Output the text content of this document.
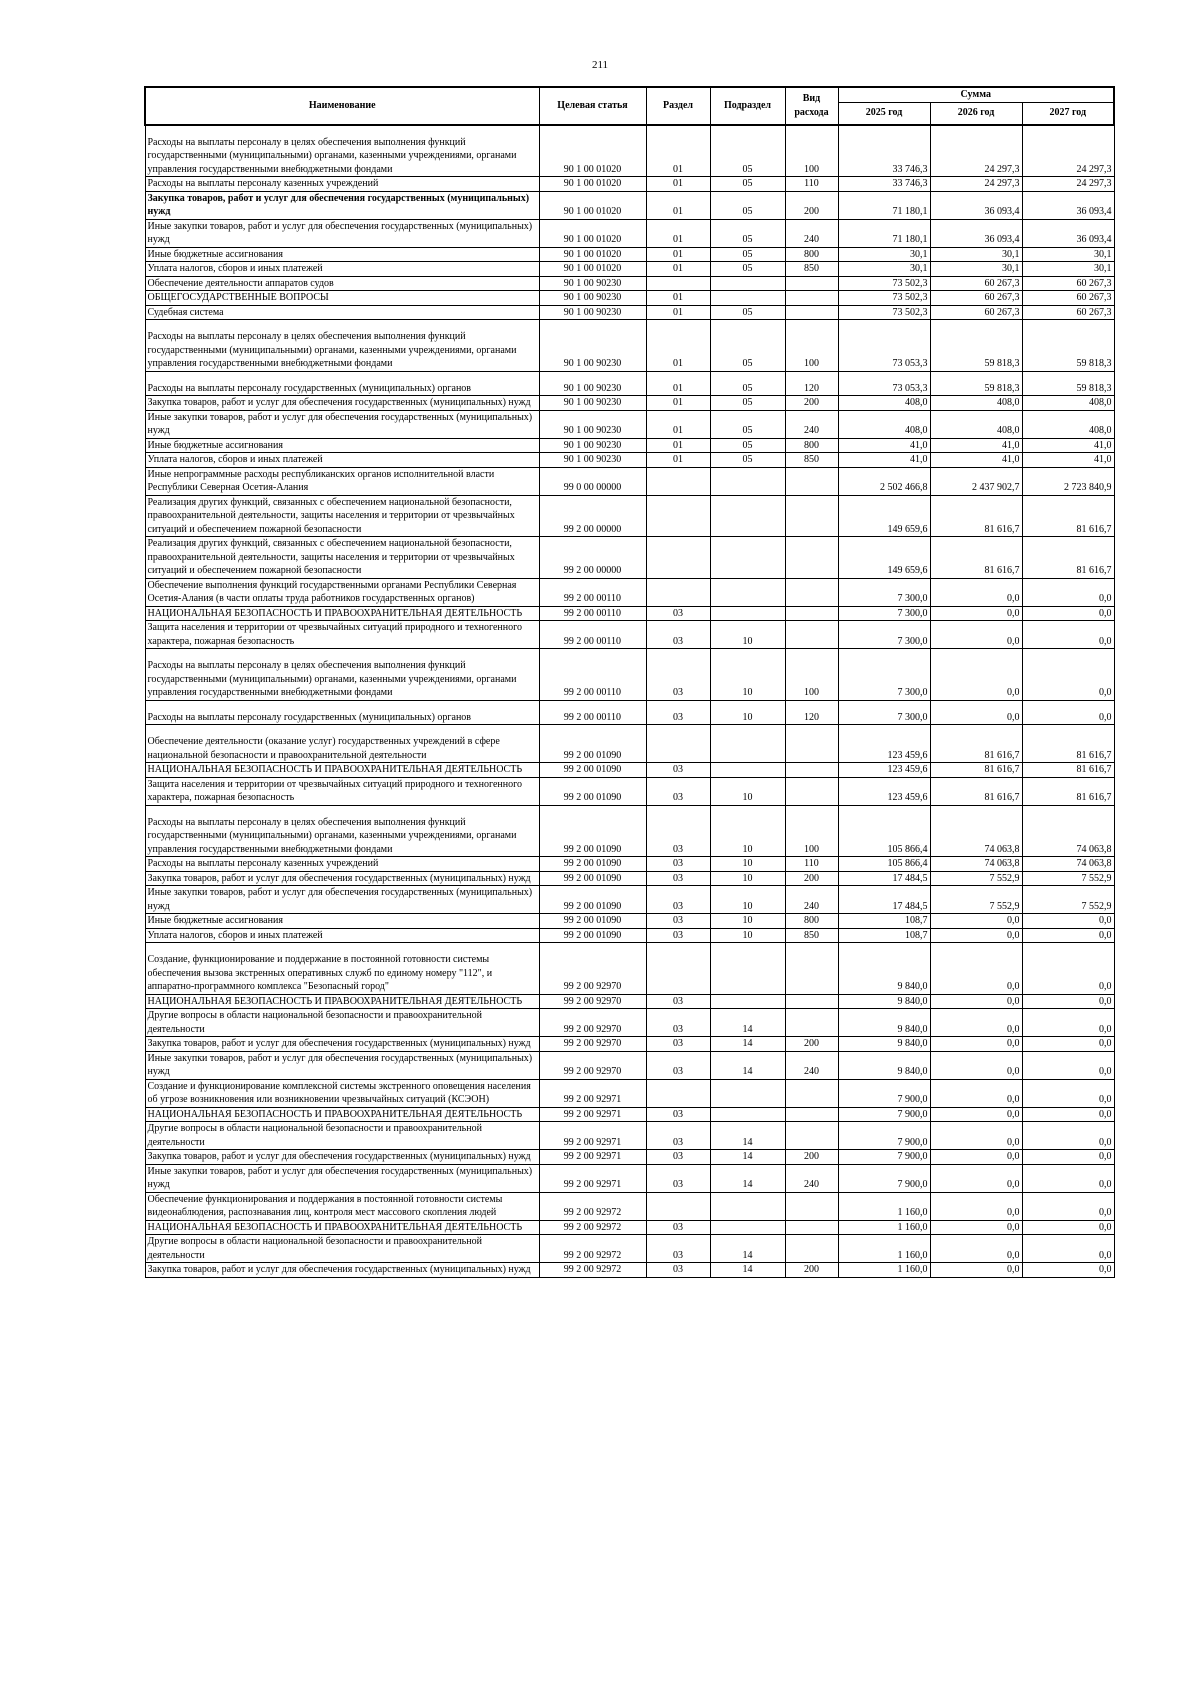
211
Наименование	Целевая статья	Раздел	Подраздел	Вид расхода	Сумма		
					2025 год	2026 год	2027 год
Расходы на выплаты персоналу в целях обеспечения выполнения функций государственными (муниципальными) органами, казенными учреждениями, органами управления государственными внебюджетными фондами	90 1 00 01020	01	05	100	33 746,3	24 297,3	24 297,3
Расходы на выплаты персоналу казенных учреждений	90 1 00 01020	01	05	110	33 746,3	24 297,3	24 297,3
Закупка товаров, работ и услуг для обеспечения государственных (муниципальных) нужд	90 1 00 01020	01	05	200	71 180,1	36 093,4	36 093,4
Иные закупки товаров, работ и услуг для обеспечения государственных (муниципальных) нужд	90 1 00 01020	01	05	240	71 180,1	36 093,4	36 093,4
Иные бюджетные ассигнования	90 1 00 01020	01	05	800	30,1	30,1	30,1
Уплата налогов, сборов и иных платежей	90 1 00 01020	01	05	850	30,1	30,1	30,1
Обеспечение деятельности аппаратов судов	90 1 00 90230				73 502,3	60 267,3	60 267,3
ОБЩЕГОСУДАРСТВЕННЫЕ ВОПРОСЫ	90 1 00 90230	01			73 502,3	60 267,3	60 267,3
Судебная система	90 1 00 90230	01	05		73 502,3	60 267,3	60 267,3
Расходы на выплаты персоналу в целях обеспечения выполнения функций государственными (муниципальными) органами, казенными учреждениями, органами управления государственными внебюджетными фондами	90 1 00 90230	01	05	100	73 053,3	59 818,3	59 818,3
Расходы на выплаты персоналу государственных (муниципальных) органов	90 1 00 90230	01	05	120	73 053,3	59 818,3	59 818,3
Закупка товаров, работ и услуг для обеспечения государственных (муниципальных) нужд	90 1 00 90230	01	05	200	408,0	408,0	408,0
Иные закупки товаров, работ и услуг для обеспечения государственных (муниципальных) нужд	90 1 00 90230	01	05	240	408,0	408,0	408,0
Иные бюджетные ассигнования	90 1 00 90230	01	05	800	41,0	41,0	41,0
Уплата налогов, сборов и иных платежей	90 1 00 90230	01	05	850	41,0	41,0	41,0
Иные непрограммные расходы республиканских органов исполнительной власти Республики Северная Осетия-Алания	99 0 00 00000				2 502 466,8	2 437 902,7	2 723 840,9
Реализация других функций, связанных с обеспечением национальной безопасности, правоохранительной деятельности, защиты населения и территории от чрезвычайных ситуаций и обеспечением пожарной безопасности	99 2 00 00000				149 659,6	81 616,7	81 616,7
Реализация других функций, связанных с обеспечением национальной безопасности, правоохранительной деятельности, защиты населения и территории от чрезвычайных ситуаций и обеспечением пожарной безопасности	99 2 00 00000				149 659,6	81 616,7	81 616,7
Обеспечение выполнения функций государственными органами Республики Северная Осетия-Алания (в части оплаты труда работников государственных органов)	99 2 00 00110				7 300,0	0,0	0,0
НАЦИОНАЛЬНАЯ БЕЗОПАСНОСТЬ И ПРАВООХРАНИТЕЛЬНАЯ ДЕЯТЕЛЬНОСТЬ	99 2 00 00110	03			7 300,0	0,0	0,0
Защита населения и территории от чрезвычайных ситуаций природного и техногенного характера, пожарная безопасность	99 2 00 00110	03	10		7 300,0	0,0	0,0
Расходы на выплаты персоналу в целях обеспечения выполнения функций государственными (муниципальными) органами, казенными учреждениями, органами управления государственными внебюджетными фондами	99 2 00 00110	03	10	100	7 300,0	0,0	0,0
Расходы на выплаты персоналу государственных (муниципальных) органов	99 2 00 00110	03	10	120	7 300,0	0,0	0,0
Обеспечение деятельности (оказание услуг) государственных учреждений в сфере национальной безопасности и правоохранительной деятельности	99 2 00 01090				123 459,6	81 616,7	81 616,7
НАЦИОНАЛЬНАЯ БЕЗОПАСНОСТЬ И ПРАВООХРАНИТЕЛЬНАЯ ДЕЯТЕЛЬНОСТЬ	99 2 00 01090	03			123 459,6	81 616,7	81 616,7
Защита населения и территории от чрезвычайных ситуаций природного и техногенного характера, пожарная безопасность	99 2 00 01090	03	10		123 459,6	81 616,7	81 616,7
Расходы на выплаты персоналу в целях обеспечения выполнения функций государственными (муниципальными) органами, казенными учреждениями, органами управления государственными внебюджетными фондами	99 2 00 01090	03	10	100	105 866,4	74 063,8	74 063,8
Расходы на выплаты персоналу казенных учреждений	99 2 00 01090	03	10	110	105 866,4	74 063,8	74 063,8
Закупка товаров, работ и услуг для обеспечения государственных (муниципальных) нужд	99 2 00 01090	03	10	200	17 484,5	7 552,9	7 552,9
Иные закупки товаров, работ и услуг для обеспечения государственных (муниципальных) нужд	99 2 00 01090	03	10	240	17 484,5	7 552,9	7 552,9
Иные бюджетные ассигнования	99 2 00 01090	03	10	800	108,7	0,0	0,0
Уплата налогов, сборов и иных платежей	99 2 00 01090	03	10	850	108,7	0,0	0,0
Создание, функционирование и поддержание в постоянной готовности системы обеспечения вызова экстренных оперативных служб по единому номеру "112", и аппаратно-программного комплекса "Безопасный город"	99 2 00 92970				9 840,0	0,0	0,0
НАЦИОНАЛЬНАЯ БЕЗОПАСНОСТЬ И ПРАВООХРАНИТЕЛЬНАЯ ДЕЯТЕЛЬНОСТЬ	99 2 00 92970	03			9 840,0	0,0	0,0
Другие вопросы в области национальной безопасности и правоохранительной деятельности	99 2 00 92970	03	14		9 840,0	0,0	0,0
Закупка товаров, работ и услуг для обеспечения государственных (муниципальных) нужд	99 2 00 92970	03	14	200	9 840,0	0,0	0,0
Иные закупки товаров, работ и услуг для обеспечения государственных (муниципальных) нужд	99 2 00 92970	03	14	240	9 840,0	0,0	0,0
Создание и функционирование комплексной системы экстренного оповещения населения об угрозе возникновения или возникновении чрезвычайных ситуаций (КСЭОН)	99 2 00 92971				7 900,0	0,0	0,0
НАЦИОНАЛЬНАЯ БЕЗОПАСНОСТЬ И ПРАВООХРАНИТЕЛЬНАЯ ДЕЯТЕЛЬНОСТЬ	99 2 00 92971	03			7 900,0	0,0	0,0
Другие вопросы в области национальной безопасности и правоохранительной деятельности	99 2 00 92971	03	14		7 900,0	0,0	0,0
Закупка товаров, работ и услуг для обеспечения государственных (муниципальных) нужд	99 2 00 92971	03	14	200	7 900,0	0,0	0,0
Иные закупки товаров, работ и услуг для обеспечения государственных (муниципальных) нужд	99 2 00 92971	03	14	240	7 900,0	0,0	0,0
Обеспечение функционирования и поддержания в постоянной готовности системы видеонаблюдения, распознавания лиц, контроля мест массового скопления людей	99 2 00 92972				1 160,0	0,0	0,0
НАЦИОНАЛЬНАЯ БЕЗОПАСНОСТЬ И ПРАВООХРАНИТЕЛЬНАЯ ДЕЯТЕЛЬНОСТЬ	99 2 00 92972	03			1 160,0	0,0	0,0
Другие вопросы в области национальной безопасности и правоохранительной деятельности	99 2 00 92972	03	14		1 160,0	0,0	0,0
Закупка товаров, работ и услуг для обеспечения государственных (муниципальных) нужд	99 2 00 92972	03	14	200	1 160,0	0,0	0,0
